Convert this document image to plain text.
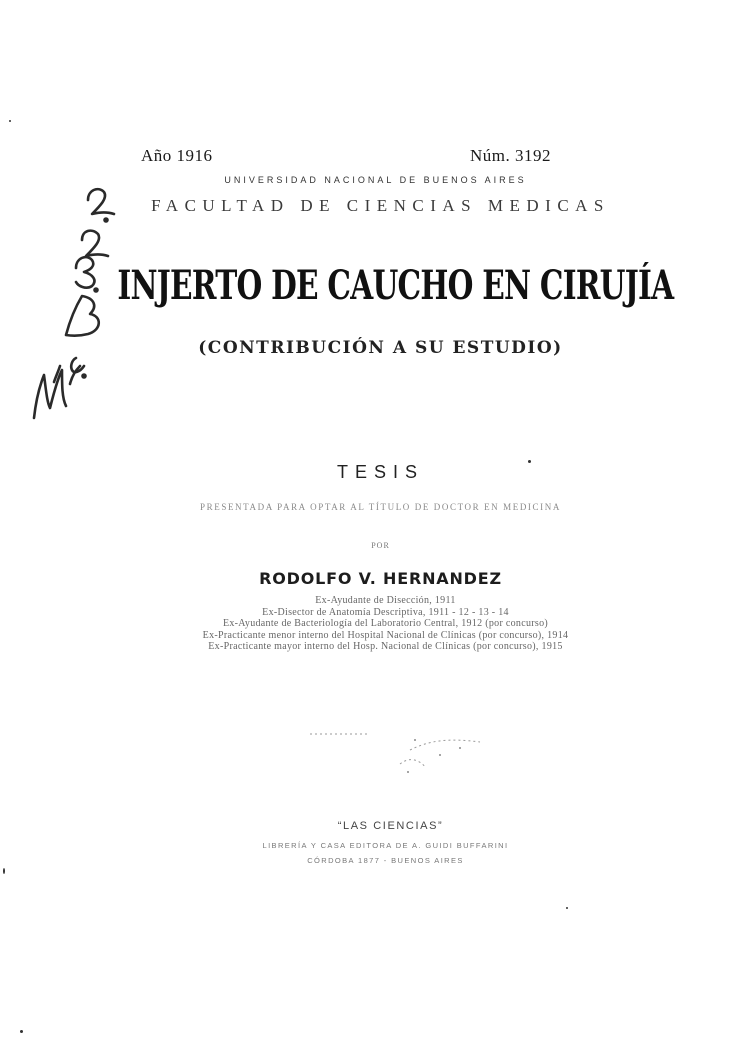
Año 1916	Núm. 3192
UNIVERSIDAD NACIONAL DE BUENOS AIRES
FACULTAD DE CIENCIAS MEDICAS
INJERTO DE CAUCHO EN CIRUJÍA
(CONTRIBUCIÓN A SU ESTUDIO)
TESIS
PRESENTADA PARA OPTAR AL TÍTULO DE DOCTOR EN MEDICINA
POR
RODOLFO V. HERNANDEZ
Ex-Ayudante de Disección, 1911
Ex-Disector de Anatomía Descriptiva, 1911 - 12 - 13 - 14
Ex-Ayudante de Bacteriología del Laboratorio Central, 1912 (por concurso)
Ex-Practicante menor interno del Hospital Nacional de Clínicas (por concurso), 1914
Ex-Practicante mayor interno del Hosp. Nacional de Clínicas (por concurso), 1915
“LAS CIENCIAS”
LIBRERÍA Y CASA EDITORA DE A. GUIDI BUFFARINI
CÓRDOBA 1877 - BUENOS AIRES
